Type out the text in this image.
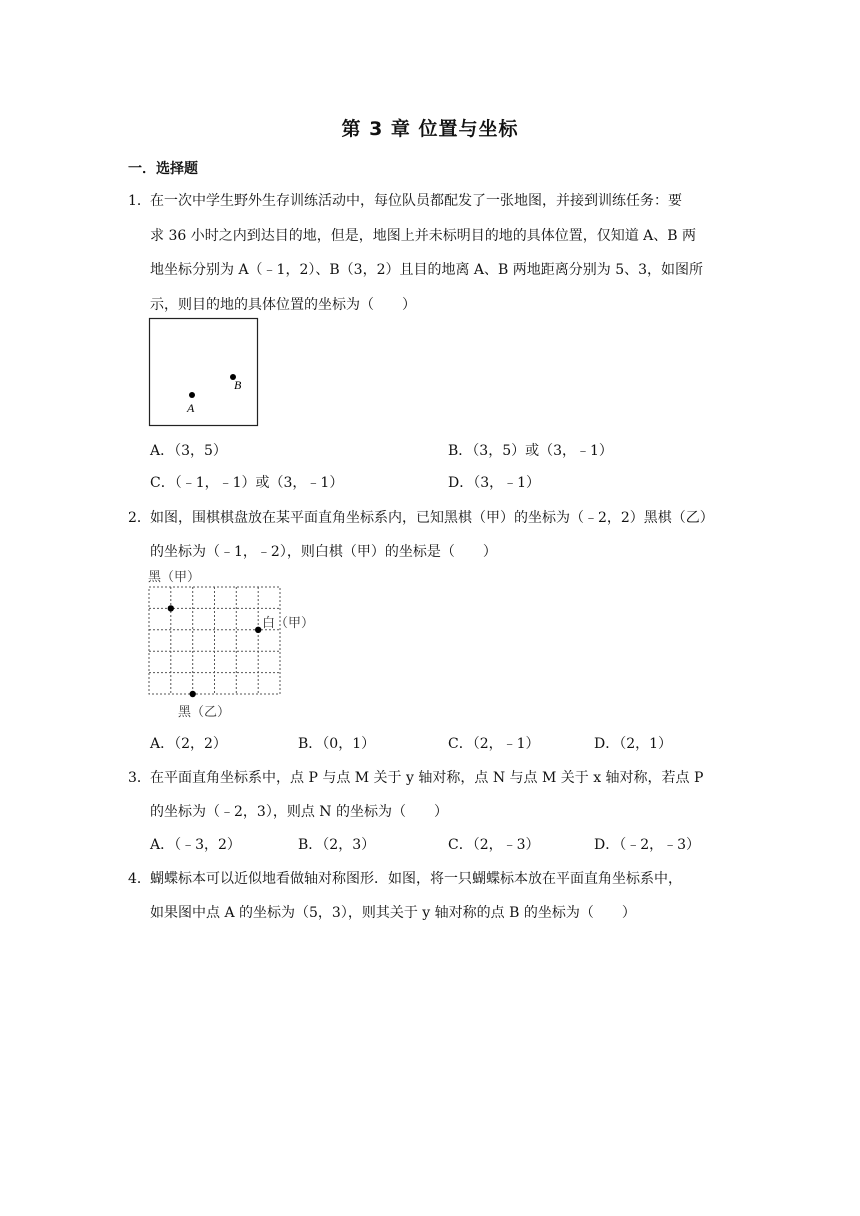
第 3 章 位置与坐标
一．选择题
1． 在一次中学生野外生存训练活动中，每位队员都配发了一张地图，并接到训练任务：要
求 36 小时之内到达目的地，但是，地图上并未标明目的地的具体位置，仅知道 A、B 两
地坐标分别为 A（﹣1，2）、B（3，2）且目的地离 A、B 两地距离分别为 5、3，如图所
示，则目的地的具体位置的坐标为（　　）
A
B
A．（3，5）	B．（3，5）或（3，﹣1）
C．（﹣1，﹣1）或（3，﹣1）	D．（3，﹣1）
2． 如图，围棋棋盘放在某平面直角坐标系内，已知黑棋（甲）的坐标为（﹣2，2）黑棋（乙）
的坐标为（﹣1，﹣2），则白棋（甲）的坐标是（　　）
黑（甲）
白（甲）
黑（乙）
A．（2，2）	B．（0，1）	C．（2，﹣1）	D．（2，1）
3． 在平面直角坐标系中，点 P 与点 M 关于 y 轴对称，点 N 与点 M 关于 x 轴对称，若点 P
的坐标为（﹣2，3），则点 N 的坐标为（　　）
A．（﹣3，2）	B．（2，3）	C．（2，﹣3）	D．（﹣2，﹣3）
4． 蝴蝶标本可以近似地看做轴对称图形．如图，将一只蝴蝶标本放在平面直角坐标系中，
如果图中点 A 的坐标为（5，3），则其关于 y 轴对称的点 B 的坐标为（　　）
